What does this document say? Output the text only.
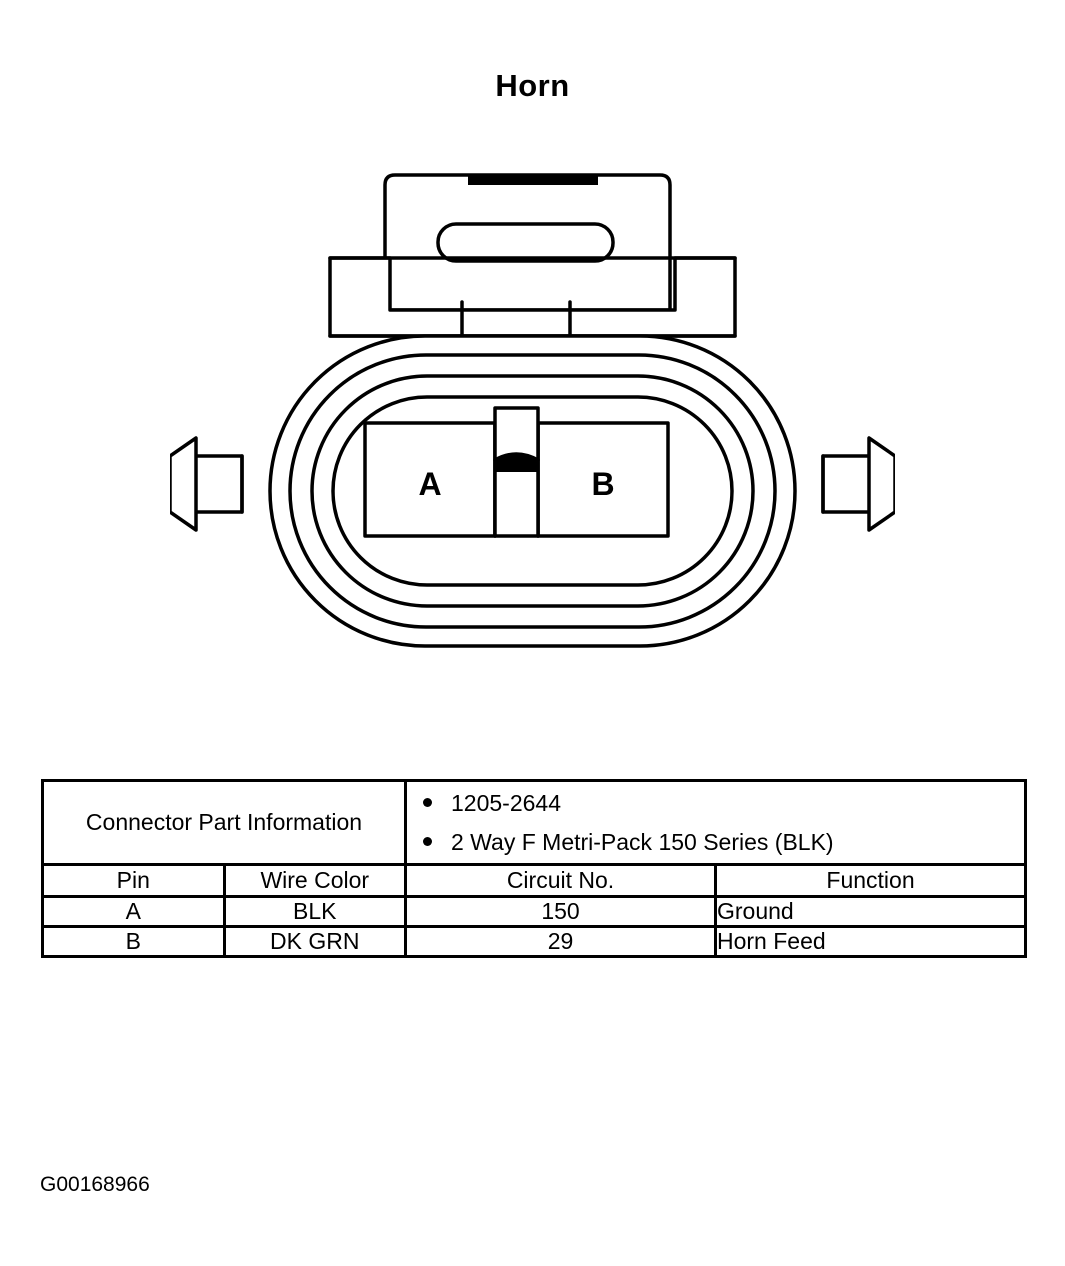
Horn
A	B
Connector Part Information	
1205-2644
2 Way F Metri-Pack 150 Series (BLK)

Pin	Wire Color	Circuit No.	Function
A	BLK	150	Ground
B	DK GRN	29	Horn Feed
G00168966
